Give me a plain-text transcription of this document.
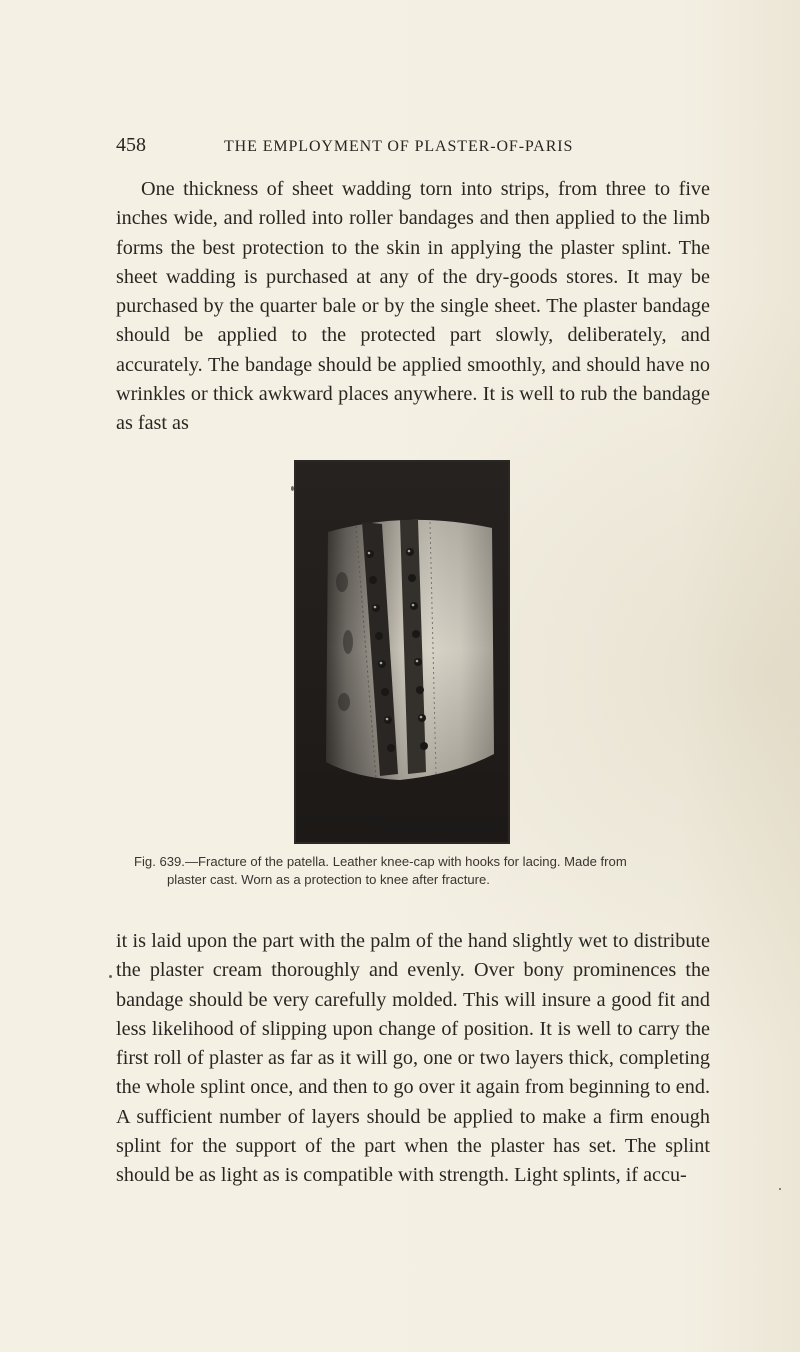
458	THE EMPLOYMENT OF PLASTER-OF-PARIS

One thickness of sheet wadding torn into strips, from three to five inches wide, and rolled into roller bandages and then applied to the limb forms the best protection to the skin in applying the plaster splint. The sheet wadding is purchased at any of the dry-goods stores. It may be purchased by the quarter bale or by the single sheet. The plaster bandage should be applied to the protected part slowly, deliberately, and accurately. The bandage should be applied smoothly, and should have no wrinkles or thick awkward places anywhere. It is well to rub the bandage as fast as

Fig. 639.—Fracture of the patella. Leather knee-cap with hooks for lacing. Made from
plaster cast. Worn as a protection to knee after fracture.

it is laid upon the part with the palm of the hand slightly wet to distribute the plaster cream thoroughly and evenly. Over bony prominences the bandage should be very carefully molded. This will insure a good fit and less likelihood of slipping upon change of position. It is well to carry the first roll of plaster as far as it will go, one or two layers thick, completing the whole splint once, and then to go over it again from beginning to end. A sufficient number of layers should be applied to make a firm enough splint for the support of the part when the plaster has set. The splint should be as light as is compatible with strength. Light splints, if accu-
